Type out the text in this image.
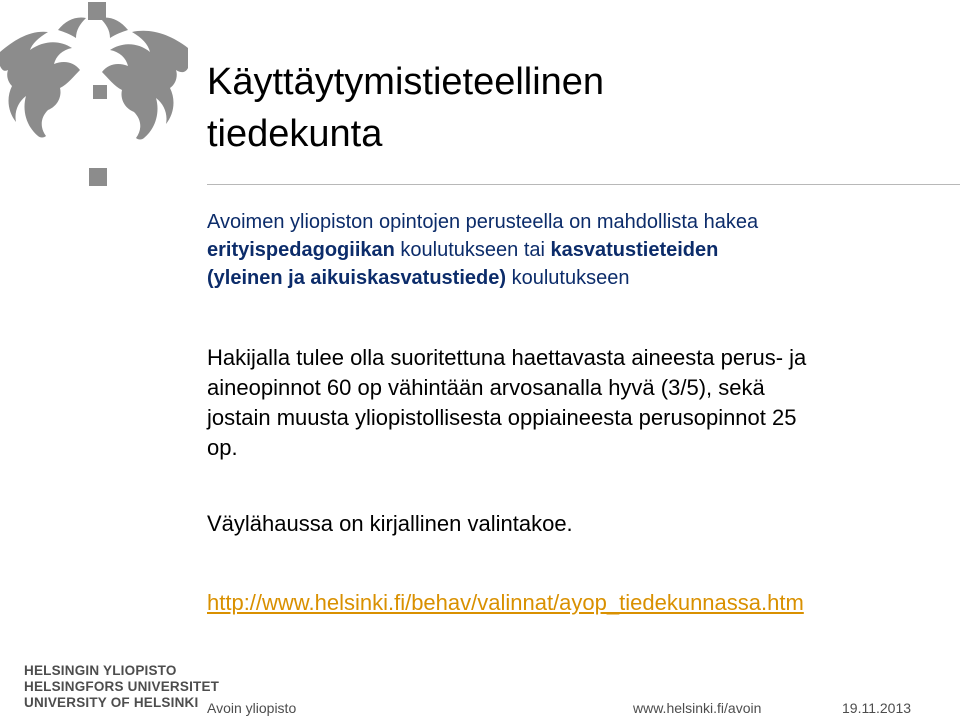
Käyttäytymistieteellinen
tiedekunta
Avoimen yliopiston opintojen perusteella on mahdollista hakea
erityispedagogiikan koulutukseen tai kasvatustieteiden
(yleinen ja aikuiskasvatustiede) koulutukseen
Hakijalla tulee olla suoritettuna haettavasta aineesta perus- ja
aineopinnot 60 op vähintään arvosanalla hyvä (3/5), sekä
jostain muusta yliopistollisesta oppiaineesta perusopinnot 25
op.
Väylähaussa on kirjallinen valintakoe.
http://www.helsinki.fi/behav/valinnat/ayop_tiedekunnassa.htm
HELSINGIN YLIOPISTO
HELSINGFORS UNIVERSITET
UNIVERSITY OF HELSINKI Avoin yliopisto	www.helsinki.fi/avoin	19.11.2013
